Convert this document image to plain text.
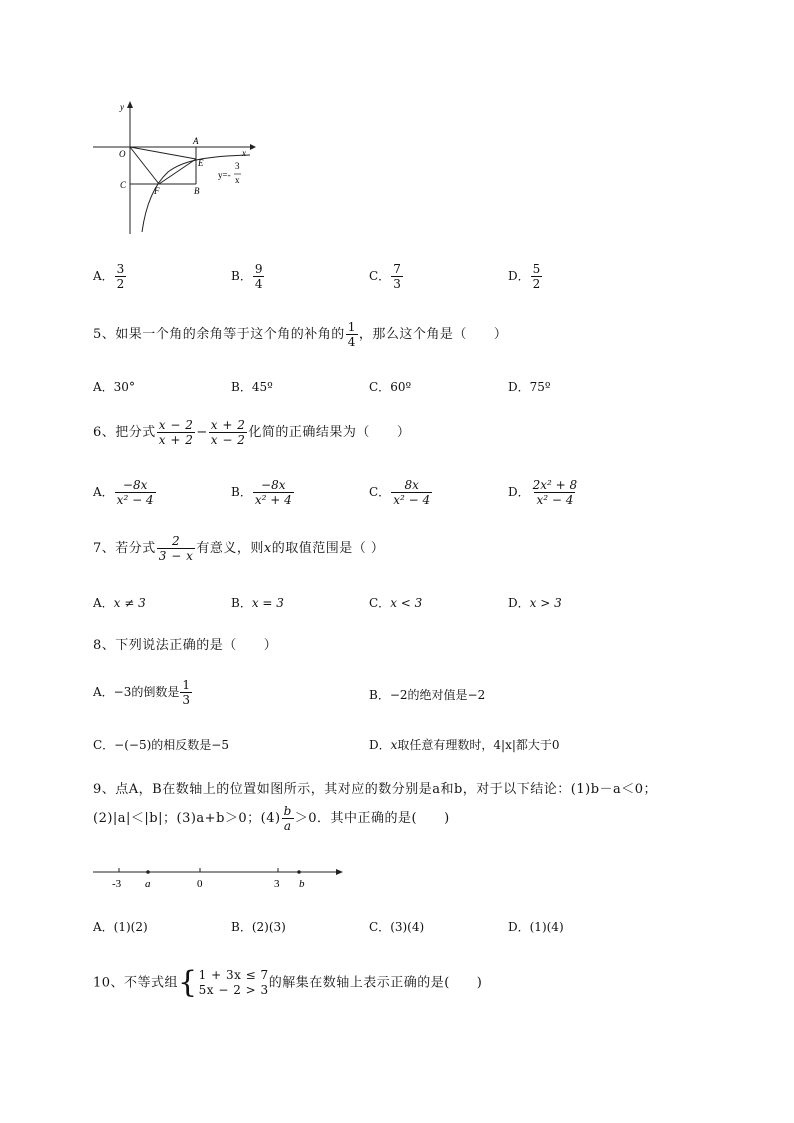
y
x
O
A
E
C
F	B
y=-
3
x
A． $\frac{3}{2}$	B． $\frac{9}{4}$	C． $\frac{7}{3}$	D． $\frac{5}{2}$
5、如果一个角的余角等于这个角的补角的 $\frac{1}{4}$ ，那么这个角是（　　）
A．30°	B．45º	C．60º	D．75º
6、把分式 $\frac{x - 2}{x + 2} - \frac{x + 2}{x - 2}$ 化简的正确结果为（　　）
A． $\frac{-8x}{\text{x² − 4}}$	B． $\frac{-8x}{\text{x² + 4}}$	C． $\frac{8x}{\text{x² − 4}}$	D． $\frac{\text{2x² + 8}}{\text{x² − 4}}$
7、若分式 $\frac{2}{3 - x}$ 有意义，则x的取值范围是（ ）
A．x ≠ 3	B．x = 3	C．x < 3	D．x > 3
8、下列说法正确的是（　　）
A．−3的倒数是 $\frac{1}{3}$	B．−2的绝对值是−2
C．−(−5)的相反数是−5	D．x取任意有理数时，4|x|都大于0
9、点A，B在数轴上的位置如图所示，其对应的数分别是a和b，对于以下结论：(1)b－a＜0；
(2)|a|＜|b|；(3)a+b＞0；$(4) \frac{b}{a} >0$．其中正确的是(　　)
-3 a	0	3 b
A．(1)(2)	B．(2)(3)	C．(3)(4)	D．(1)(4)
10、不等式组 { 1 + 3x ≤ 7
5x − 2 > 3 的解集在数轴上表示正确的是(　　)
